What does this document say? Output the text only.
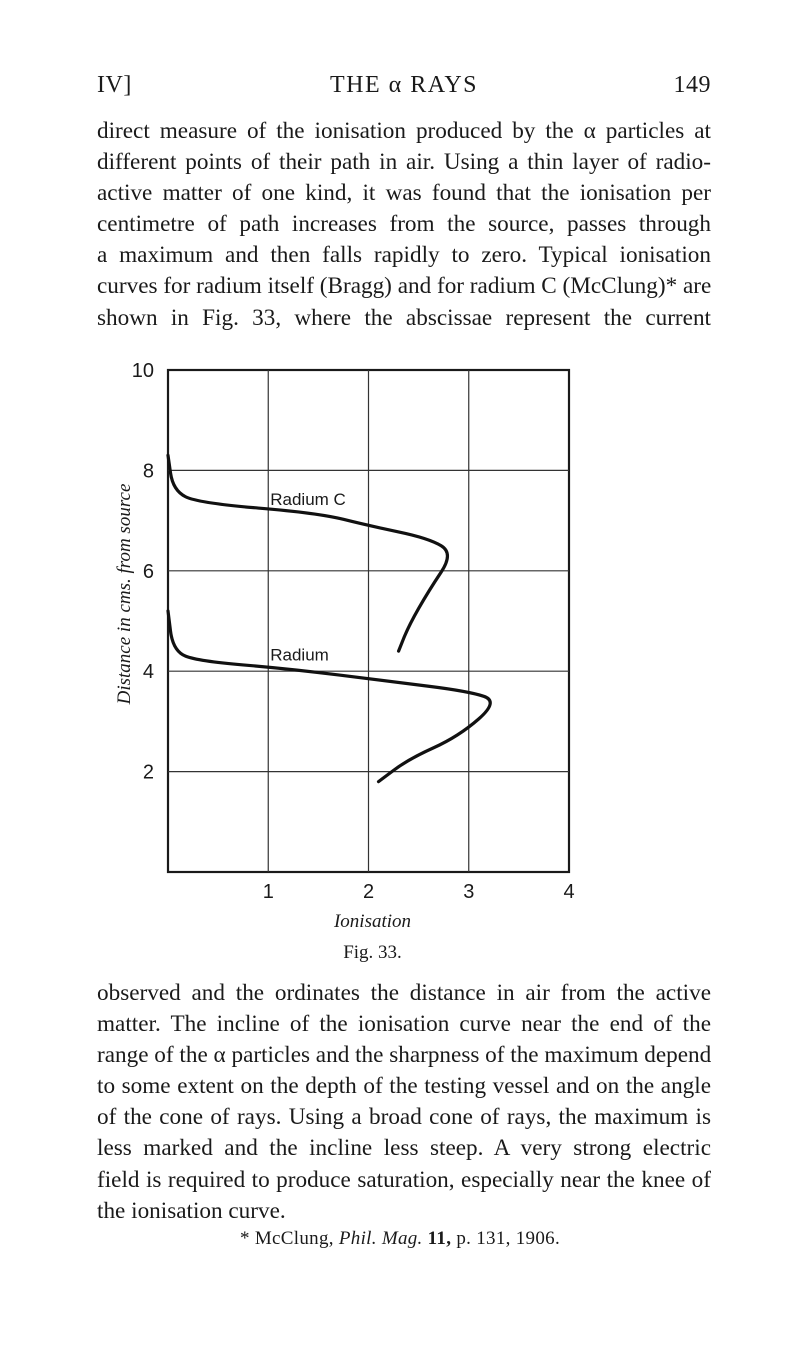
IV]	THE α RAYS	149
direct measure of the ionisation produced by the α particles at
different points of their path in air. Using a thin layer of radio-
active matter of one kind, it was found that the ionisation per
centimetre of path increases from the source, passes through
a maximum and then falls rapidly to zero. Typical ionisation
curves for radium itself (Bragg) and for radium C (McClung)* are
shown in Fig. 33, where the abscissae represent the current
2
4
6
8
10
1	2	3	4
Ionisation
Fig. 33.
Distance in cms. from source	Radium C
Radium
observed and the ordinates the distance in air from the active
matter. The incline of the ionisation curve near the end of the
range of the α particles and the sharpness of the maximum depend
to some extent on the depth of the testing vessel and on the angle
of the cone of rays. Using a broad cone of rays, the maximum is
less marked and the incline less steep. A very strong electric
field is required to produce saturation, especially near the knee of
the ionisation curve.
* McClung, Phil. Mag. 11, p. 131, 1906.
